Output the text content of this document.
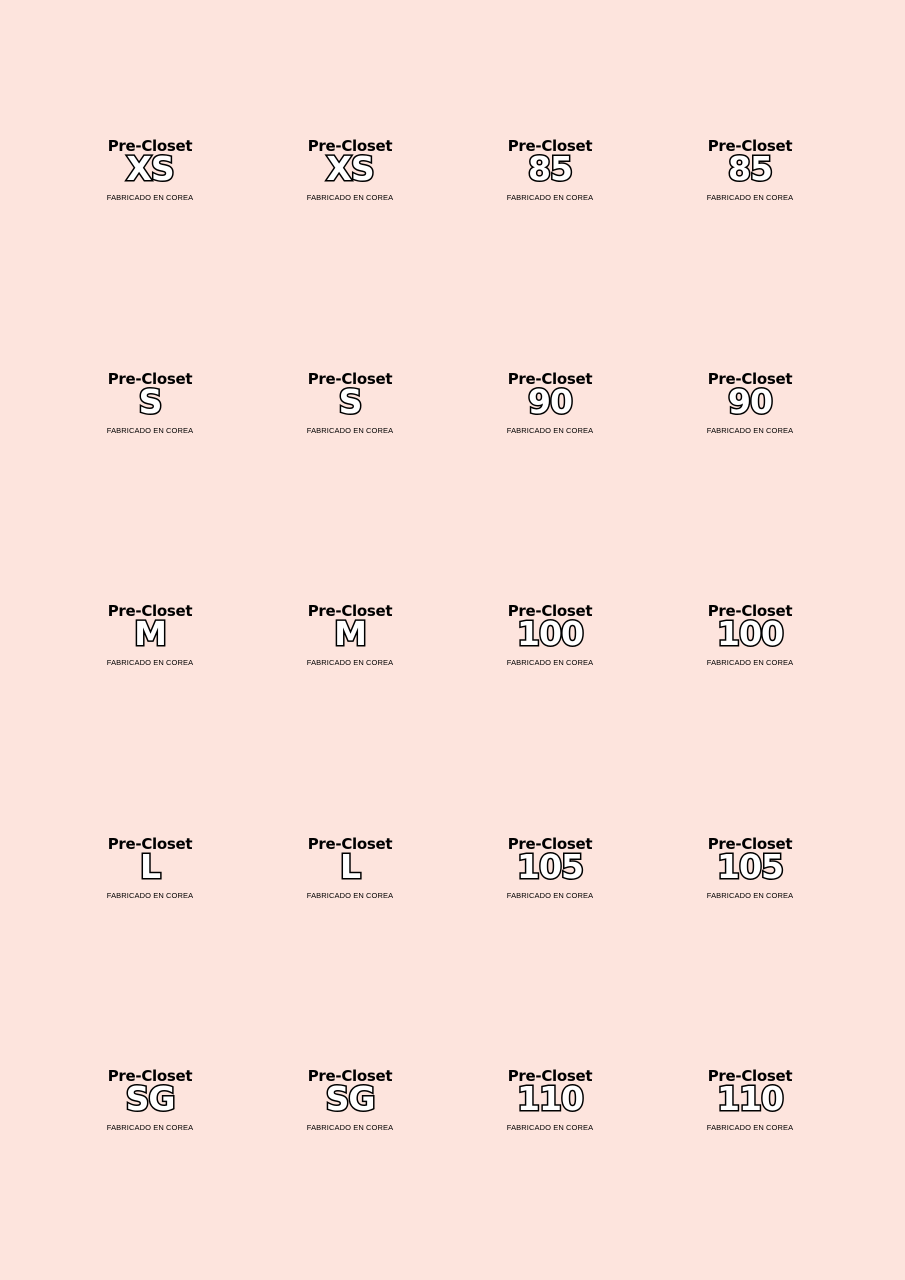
Pre-Closet
XS
FABRICADO EN COREA
Pre-Closet
XS
FABRICADO EN COREA
Pre-Closet
85
FABRICADO EN COREA
Pre-Closet
85
FABRICADO EN COREA
Pre-Closet
S
FABRICADO EN COREA
Pre-Closet
S
FABRICADO EN COREA
Pre-Closet
90
FABRICADO EN COREA
Pre-Closet
90
FABRICADO EN COREA
Pre-Closet
M
FABRICADO EN COREA
Pre-Closet
M
FABRICADO EN COREA
Pre-Closet
100
FABRICADO EN COREA
Pre-Closet
100
FABRICADO EN COREA
Pre-Closet
L
FABRICADO EN COREA
Pre-Closet
L
FABRICADO EN COREA
Pre-Closet
105
FABRICADO EN COREA
Pre-Closet
105
FABRICADO EN COREA
Pre-Closet
SG
FABRICADO EN COREA
Pre-Closet
SG
FABRICADO EN COREA
Pre-Closet
110
FABRICADO EN COREA
Pre-Closet
110
FABRICADO EN COREA
